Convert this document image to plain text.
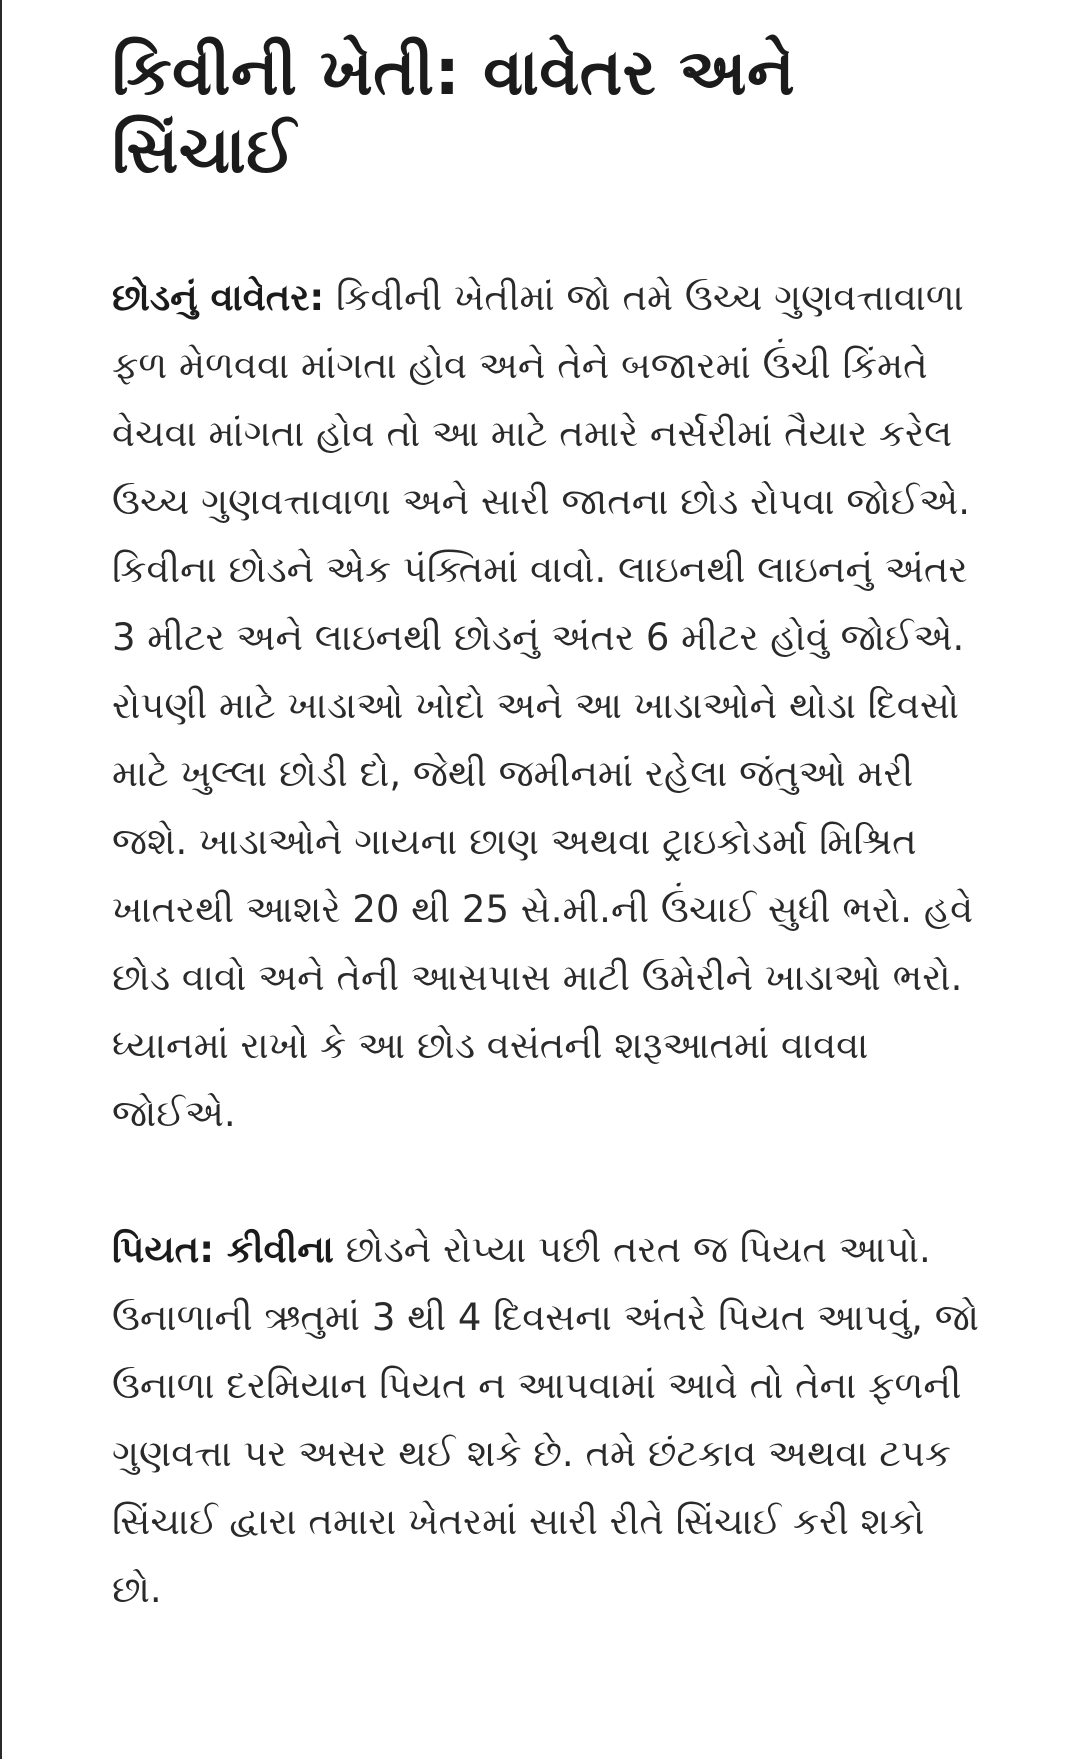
કિવીની ખેતી: વાવેતર અને સિંચાઈ

છોડનું વાવેતર: કિવીની ખેતીમાં જો તમે ઉચ્ચ ગુણવત્તાવાળા ફળ મેળવવા માંગતા હોવ અને તેને બજારમાં ઉંચી કિંમતે વેચવા માંગતા હોવ તો આ માટે તમારે નર્સરીમાં તૈયાર કરેલ ઉચ્ચ ગુણવત્તાવાળા અને સારી જાતના છોડ રોપવા જોઈએ. કિવીના છોડને એક પંક્તિમાં વાવો. લાઇનથી લાઇનનું અંતર 3 મીટર અને લાઇનથી છોડનું અંતર 6 મીટર હોવું જોઈએ. રોપણી માટે ખાડાઓ ખોદો અને આ ખાડાઓને થોડા દિવસો માટે ખુલ્લા છોડી દો, જેથી જમીનમાં રહેલા જંતુઓ મરી જશે. ખાડાઓને ગાયના છાણ અથવા ટ્રાઇકોડર્મા મિશ્રિત ખાતરથી આશરે 20 થી 25 સે.મી.ની ઉંચાઈ સુધી ભરો. હવે છોડ વાવો અને તેની આસપાસ માટી ઉમેરીને ખાડાઓ ભરો. ધ્યાનમાં રાખો કે આ છોડ વસંતની શરૂઆતમાં વાવવા જોઈએ.

પિયત: કીવીના છોડને રોપ્યા પછી તરત જ પિયત આપો. ઉનાળાની ઋતુમાં 3 થી 4 દિવસના અંતરે પિયત આપવું, જો ઉનાળા દરમિયાન પિયત ન આપવામાં આવે તો તેના ફળની ગુણવત્તા પર અસર થઈ શકે છે. તમે છંટકાવ અથવા ટપક સિંચાઈ દ્વારા તમારા ખેતરમાં સારી રીતે સિંચાઈ કરી શકો છો.
